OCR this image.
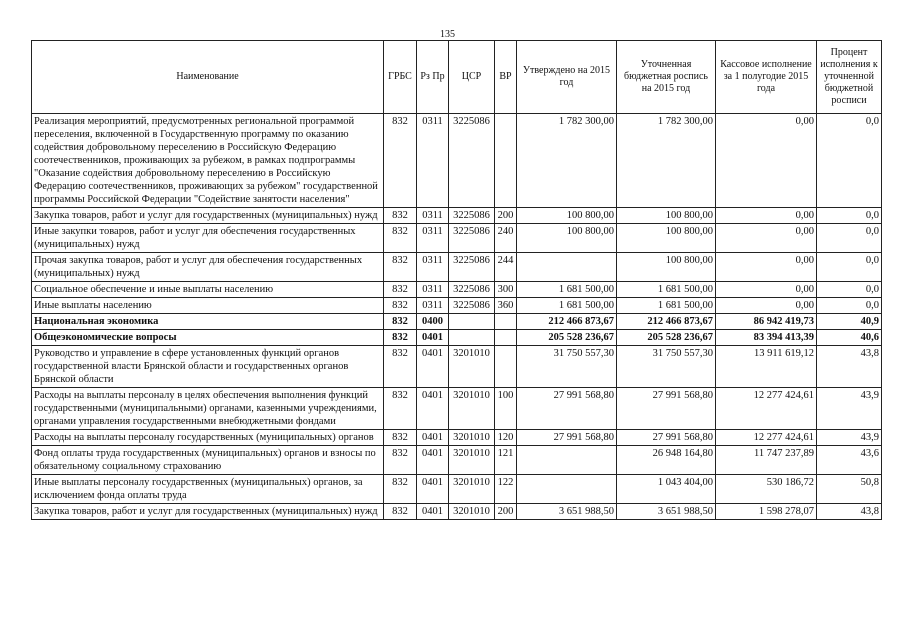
135
Наименование	ГРБС	Рз Пр	ЦСР	ВР	Утверждено на 2015 год	Уточненная бюджетная роспись на 2015 год	Кассовое исполнение за 1 полугодие 2015 года	Процент исполнения к уточненной бюджетной росписи
Реализация мероприятий, предусмотренных региональной программой переселения, включенной в Государственную программу по оказанию содействия добровольному переселению в Российскую Федерацию соотечественников, проживающих за рубежом, в рамках подпрограммы "Оказание содействия добровольному переселению в Российскую Федерацию соотечественников, проживающих за рубежом" государственной программы Российской Федерации "Содействие занятости населения"	832	0311	3225086		1 782 300,00	1 782 300,00	0,00	0,0
Закупка товаров, работ и услуг для государственных (муниципальных) нужд	832	0311	3225086	200	100 800,00	100 800,00	0,00	0,0
Иные закупки товаров, работ и услуг для обеспечения государственных (муниципальных) нужд	832	0311	3225086	240	100 800,00	100 800,00	0,00	0,0
Прочая закупка товаров, работ и услуг для обеспечения государственных (муниципальных) нужд	832	0311	3225086	244		100 800,00	0,00	0,0
Социальное обеспечение и иные выплаты населению	832	0311	3225086	300	1 681 500,00	1 681 500,00	0,00	0,0
Иные выплаты населению	832	0311	3225086	360	1 681 500,00	1 681 500,00	0,00	0,0
Национальная экономика	832	0400			212 466 873,67	212 466 873,67	86 942 419,73	40,9
Общеэкономические вопросы	832	0401			205 528 236,67	205 528 236,67	83 394 413,39	40,6
Руководство и управление в сфере установленных функций органов государственной власти Брянской области и государственных органов Брянской области	832	0401	3201010		31 750 557,30	31 750 557,30	13 911 619,12	43,8
Расходы на выплаты персоналу в целях обеспечения выполнения функций государственными (муниципальными) органами, казенными учреждениями, органами управления государственными внебюджетными фондами	832	0401	3201010	100	27 991 568,80	27 991 568,80	12 277 424,61	43,9
Расходы на выплаты персоналу государственных (муниципальных) органов	832	0401	3201010	120	27 991 568,80	27 991 568,80	12 277 424,61	43,9
Фонд оплаты труда государственных (муниципальных) органов и взносы по обязательному социальному страхованию	832	0401	3201010	121		26 948 164,80	11 747 237,89	43,6
Иные выплаты персоналу государственных (муниципальных) органов, за исключением фонда оплаты труда	832	0401	3201010	122		1 043 404,00	530 186,72	50,8
Закупка товаров, работ и услуг для государственных (муниципальных) нужд	832	0401	3201010	200	3 651 988,50	3 651 988,50	1 598 278,07	43,8
